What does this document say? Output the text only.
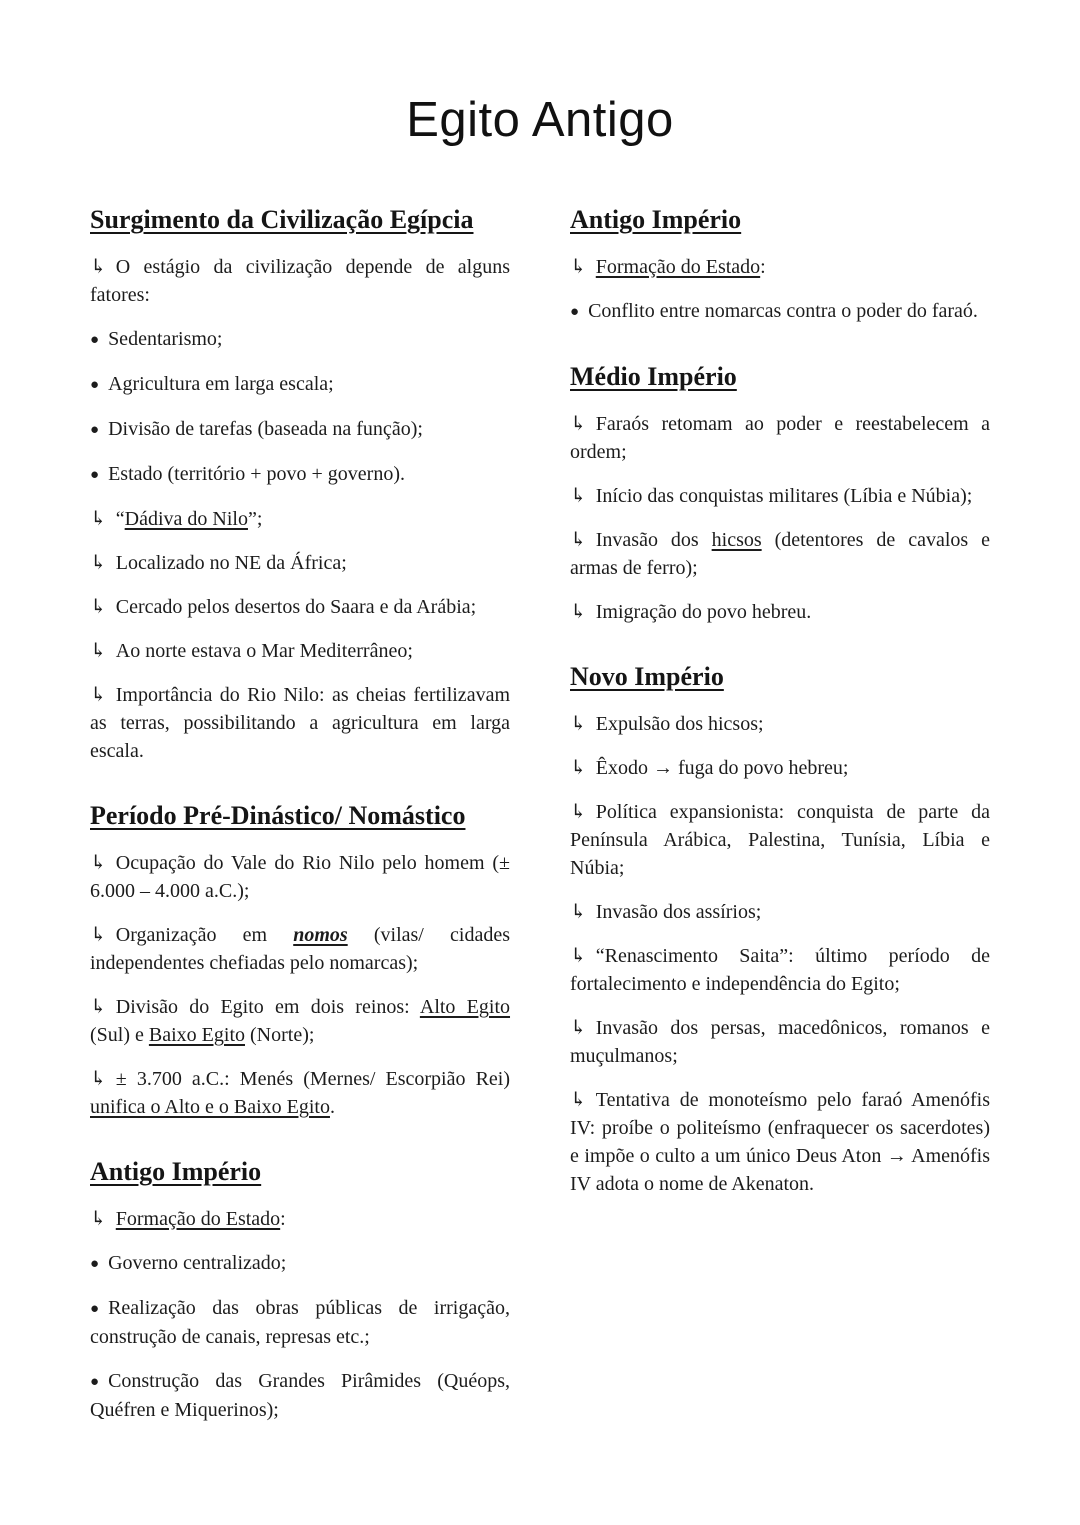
Egito Antigo
Surgimento da Civilização Egípcia

↳ O estágio da civilização depende de alguns fatores:

● Sedentarismo;

● Agricultura em larga escala;

● Divisão de tarefas (baseada na função);

● Estado (território + povo + governo).

↳ “Dádiva do Nilo”;

↳ Localizado no NE da África;

↳ Cercado pelos desertos do Saara e da Arábia;

↳ Ao norte estava o Mar Mediterrâneo;

↳ Importância do Rio Nilo: as cheias fertilizavam as terras, possibilitando a agricultura em larga escala.

Período Pré-Dinástico/ Nomástico

↳ Ocupação do Vale do Rio Nilo pelo homem (± 6.000 – 4.000 a.C.);

↳ Organização em nomos (vilas/ cidades independentes chefiadas pelo nomarcas);

↳ Divisão do Egito em dois reinos: Alto Egito (Sul) e Baixo Egito (Norte);

↳ ± 3.700 a.C.: Menés (Mernes/ Escorpião Rei) unifica o Alto e o Baixo Egito.

Antigo Império

↳ Formação do Estado:

● Governo centralizado;

● Realização das obras públicas de irrigação, construção de canais, represas etc.;

● Construção das Grandes Pirâmides (Quéops, Quéfren e Miquerinos);

Antigo Império

↳ Formação do Estado:

● Conflito entre nomarcas contra o poder do faraó.

Médio Império

↳ Faraós retomam ao poder e reestabelecem a ordem;

↳ Início das conquistas militares (Líbia e Núbia);

↳ Invasão dos hicsos (detentores de cavalos e armas de ferro);

↳ Imigração do povo hebreu.

Novo Império

↳ Expulsão dos hicsos;

↳ Êxodo → fuga do povo hebreu;

↳ Política expansionista: conquista de parte da Península Arábica, Palestina, Tunísia, Líbia e Núbia;

↳ Invasão dos assírios;

↳ “Renascimento Saita”: último período de fortalecimento e independência do Egito;

↳ Invasão dos persas, macedônicos, romanos e muçulmanos;

↳ Tentativa de monoteísmo pelo faraó Amenófis IV: proíbe o politeísmo (enfraquecer os sacerdotes) e impõe o culto a um único Deus Aton → Amenófis IV adota o nome de Akenaton.
